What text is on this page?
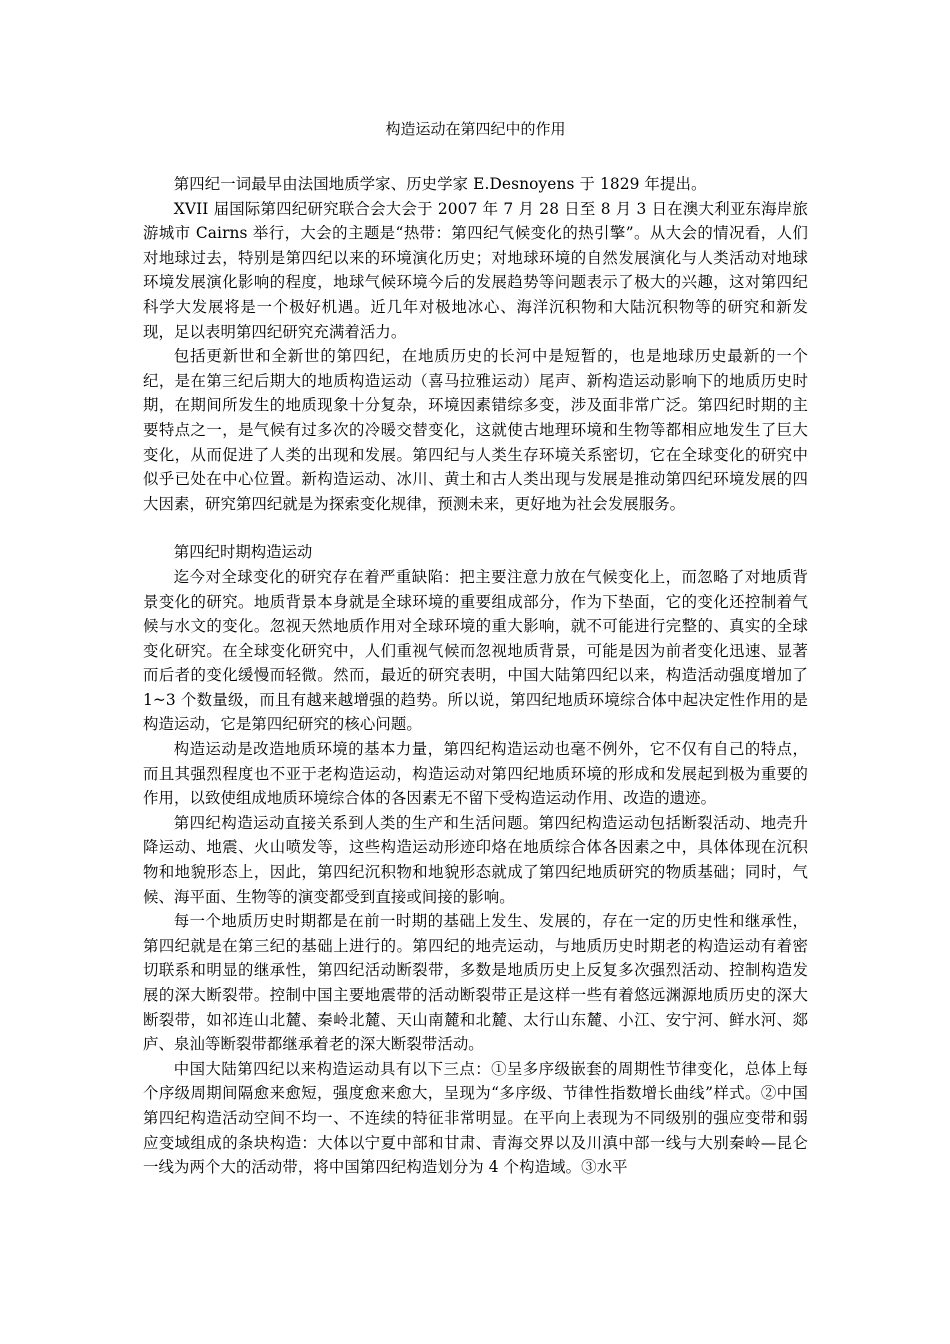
构造运动在第四纪中的作用

第四纪一词最早由法国地质学家、历史学家 E.Desnoyens 于 1829 年提出。

XVII 届国际第四纪研究联合会大会于 2007 年 7 月 28 日至 8 月 3 日在澳大利亚东海岸旅游城市 Cairns 举行，大会的主题是“热带：第四纪气候变化的热引擎”。从大会的情况看，人们对地球过去，特别是第四纪以来的环境演化历史；对地球环境的自然发展演化与人类活动对地球环境发展演化影响的程度，地球气候环境今后的发展趋势等问题表示了极大的兴趣，这对第四纪科学大发展将是一个极好机遇。近几年对极地冰心、海洋沉积物和大陆沉积物等的研究和新发现，足以表明第四纪研究充满着活力。

包括更新世和全新世的第四纪，在地质历史的长河中是短暂的，也是地球历史最新的一个纪，是在第三纪后期大的地质构造运动（喜马拉雅运动）尾声、新构造运动影响下的地质历史时期，在期间所发生的地质现象十分复杂，环境因素错综多变，涉及面非常广泛。第四纪时期的主要特点之一，是气候有过多次的冷暖交替变化，这就使古地理环境和生物等都相应地发生了巨大变化，从而促进了人类的出现和发展。第四纪与人类生存环境关系密切，它在全球变化的研究中似乎已处在中心位置。新构造运动、冰川、黄土和古人类出现与发展是推动第四纪环境发展的四大因素，研究第四纪就是为探索变化规律，预测未来，更好地为社会发展服务。

第四纪时期构造运动

迄今对全球变化的研究存在着严重缺陷：把主要注意力放在气候变化上，而忽略了对地质背景变化的研究。地质背景本身就是全球环境的重要组成部分，作为下垫面，它的变化还控制着气候与水文的变化。忽视天然地质作用对全球环境的重大影响，就不可能进行完整的、真实的全球变化研究。在全球变化研究中，人们重视气候而忽视地质背景，可能是因为前者变化迅速、显著而后者的变化缓慢而轻微。然而，最近的研究表明，中国大陆第四纪以来，构造活动强度增加了 1~3 个数量级，而且有越来越增强的趋势。所以说，第四纪地质环境综合体中起决定性作用的是构造运动，它是第四纪研究的核心问题。

构造运动是改造地质环境的基本力量，第四纪构造运动也毫不例外，它不仅有自己的特点，而且其强烈程度也不亚于老构造运动，构造运动对第四纪地质环境的形成和发展起到极为重要的作用，以致使组成地质环境综合体的各因素无不留下受构造运动作用、改造的遗迹。

第四纪构造运动直接关系到人类的生产和生活问题。第四纪构造运动包括断裂活动、地壳升降运动、地震、火山喷发等，这些构造运动形迹印烙在地质综合体各因素之中，具体体现在沉积物和地貌形态上，因此，第四纪沉积物和地貌形态就成了第四纪地质研究的物质基础；同时，气候、海平面、生物等的演变都受到直接或间接的影响。

每一个地质历史时期都是在前一时期的基础上发生、发展的，存在一定的历史性和继承性，第四纪就是在第三纪的基础上进行的。第四纪的地壳运动，与地质历史时期老的构造运动有着密切联系和明显的继承性，第四纪活动断裂带，多数是地质历史上反复多次强烈活动、控制构造发展的深大断裂带。控制中国主要地震带的活动断裂带正是这样一些有着悠远渊源地质历史的深大断裂带，如祁连山北麓、秦岭北麓、天山南麓和北麓、太行山东麓、小江、安宁河、鲜水河、郯庐、泉汕等断裂带都继承着老的深大断裂带活动。

中国大陆第四纪以来构造运动具有以下三点：①呈多序级嵌套的周期性节律变化，总体上每个序级周期间隔愈来愈短，强度愈来愈大，呈现为“多序级、节律性指数增长曲线”样式。②中国第四纪构造活动空间不均一、不连续的特征非常明显。在平向上表现为不同级别的强应变带和弱应变域组成的条块构造：大体以宁夏中部和甘肃、青海交界以及川滇中部一线与大别秦岭—昆仑一线为两个大的活动带，将中国第四纪构造划分为 4 个构造域。③水平
